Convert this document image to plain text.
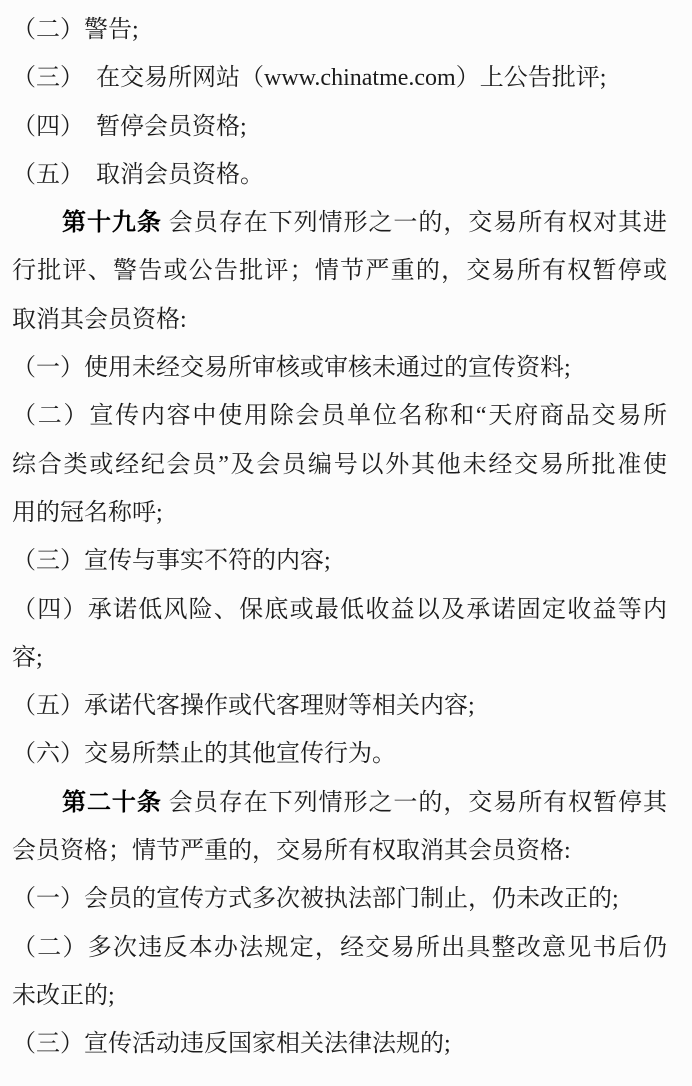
（二）警告;
（三）　在交易所网站（www.chinatme.com）上公告批评;
（四）　暂停会员资格;
（五）　取消会员资格。
第十九条 会员存在下列情形之一的，交易所有权对其进
行批评、警告或公告批评；情节严重的，交易所有权暂停或
取消其会员资格:
（一）使用未经交易所审核或审核未通过的宣传资料;
（二）宣传内容中使用除会员单位名称和“天府商品交易所
综合类或经纪会员”及会员编号以外其他未经交易所批准使
用的冠名称呼;
（三）宣传与事实不符的内容;
（四）承诺低风险、保底或最低收益以及承诺固定收益等内
容;
（五）承诺代客操作或代客理财等相关内容;
（六）交易所禁止的其他宣传行为。
第二十条 会员存在下列情形之一的，交易所有权暂停其
会员资格；情节严重的，交易所有权取消其会员资格:
（一）会员的宣传方式多次被执法部门制止，仍未改正的;
（二）多次违反本办法规定，经交易所出具整改意见书后仍
未改正的;
（三）宣传活动违反国家相关法律法规的;
